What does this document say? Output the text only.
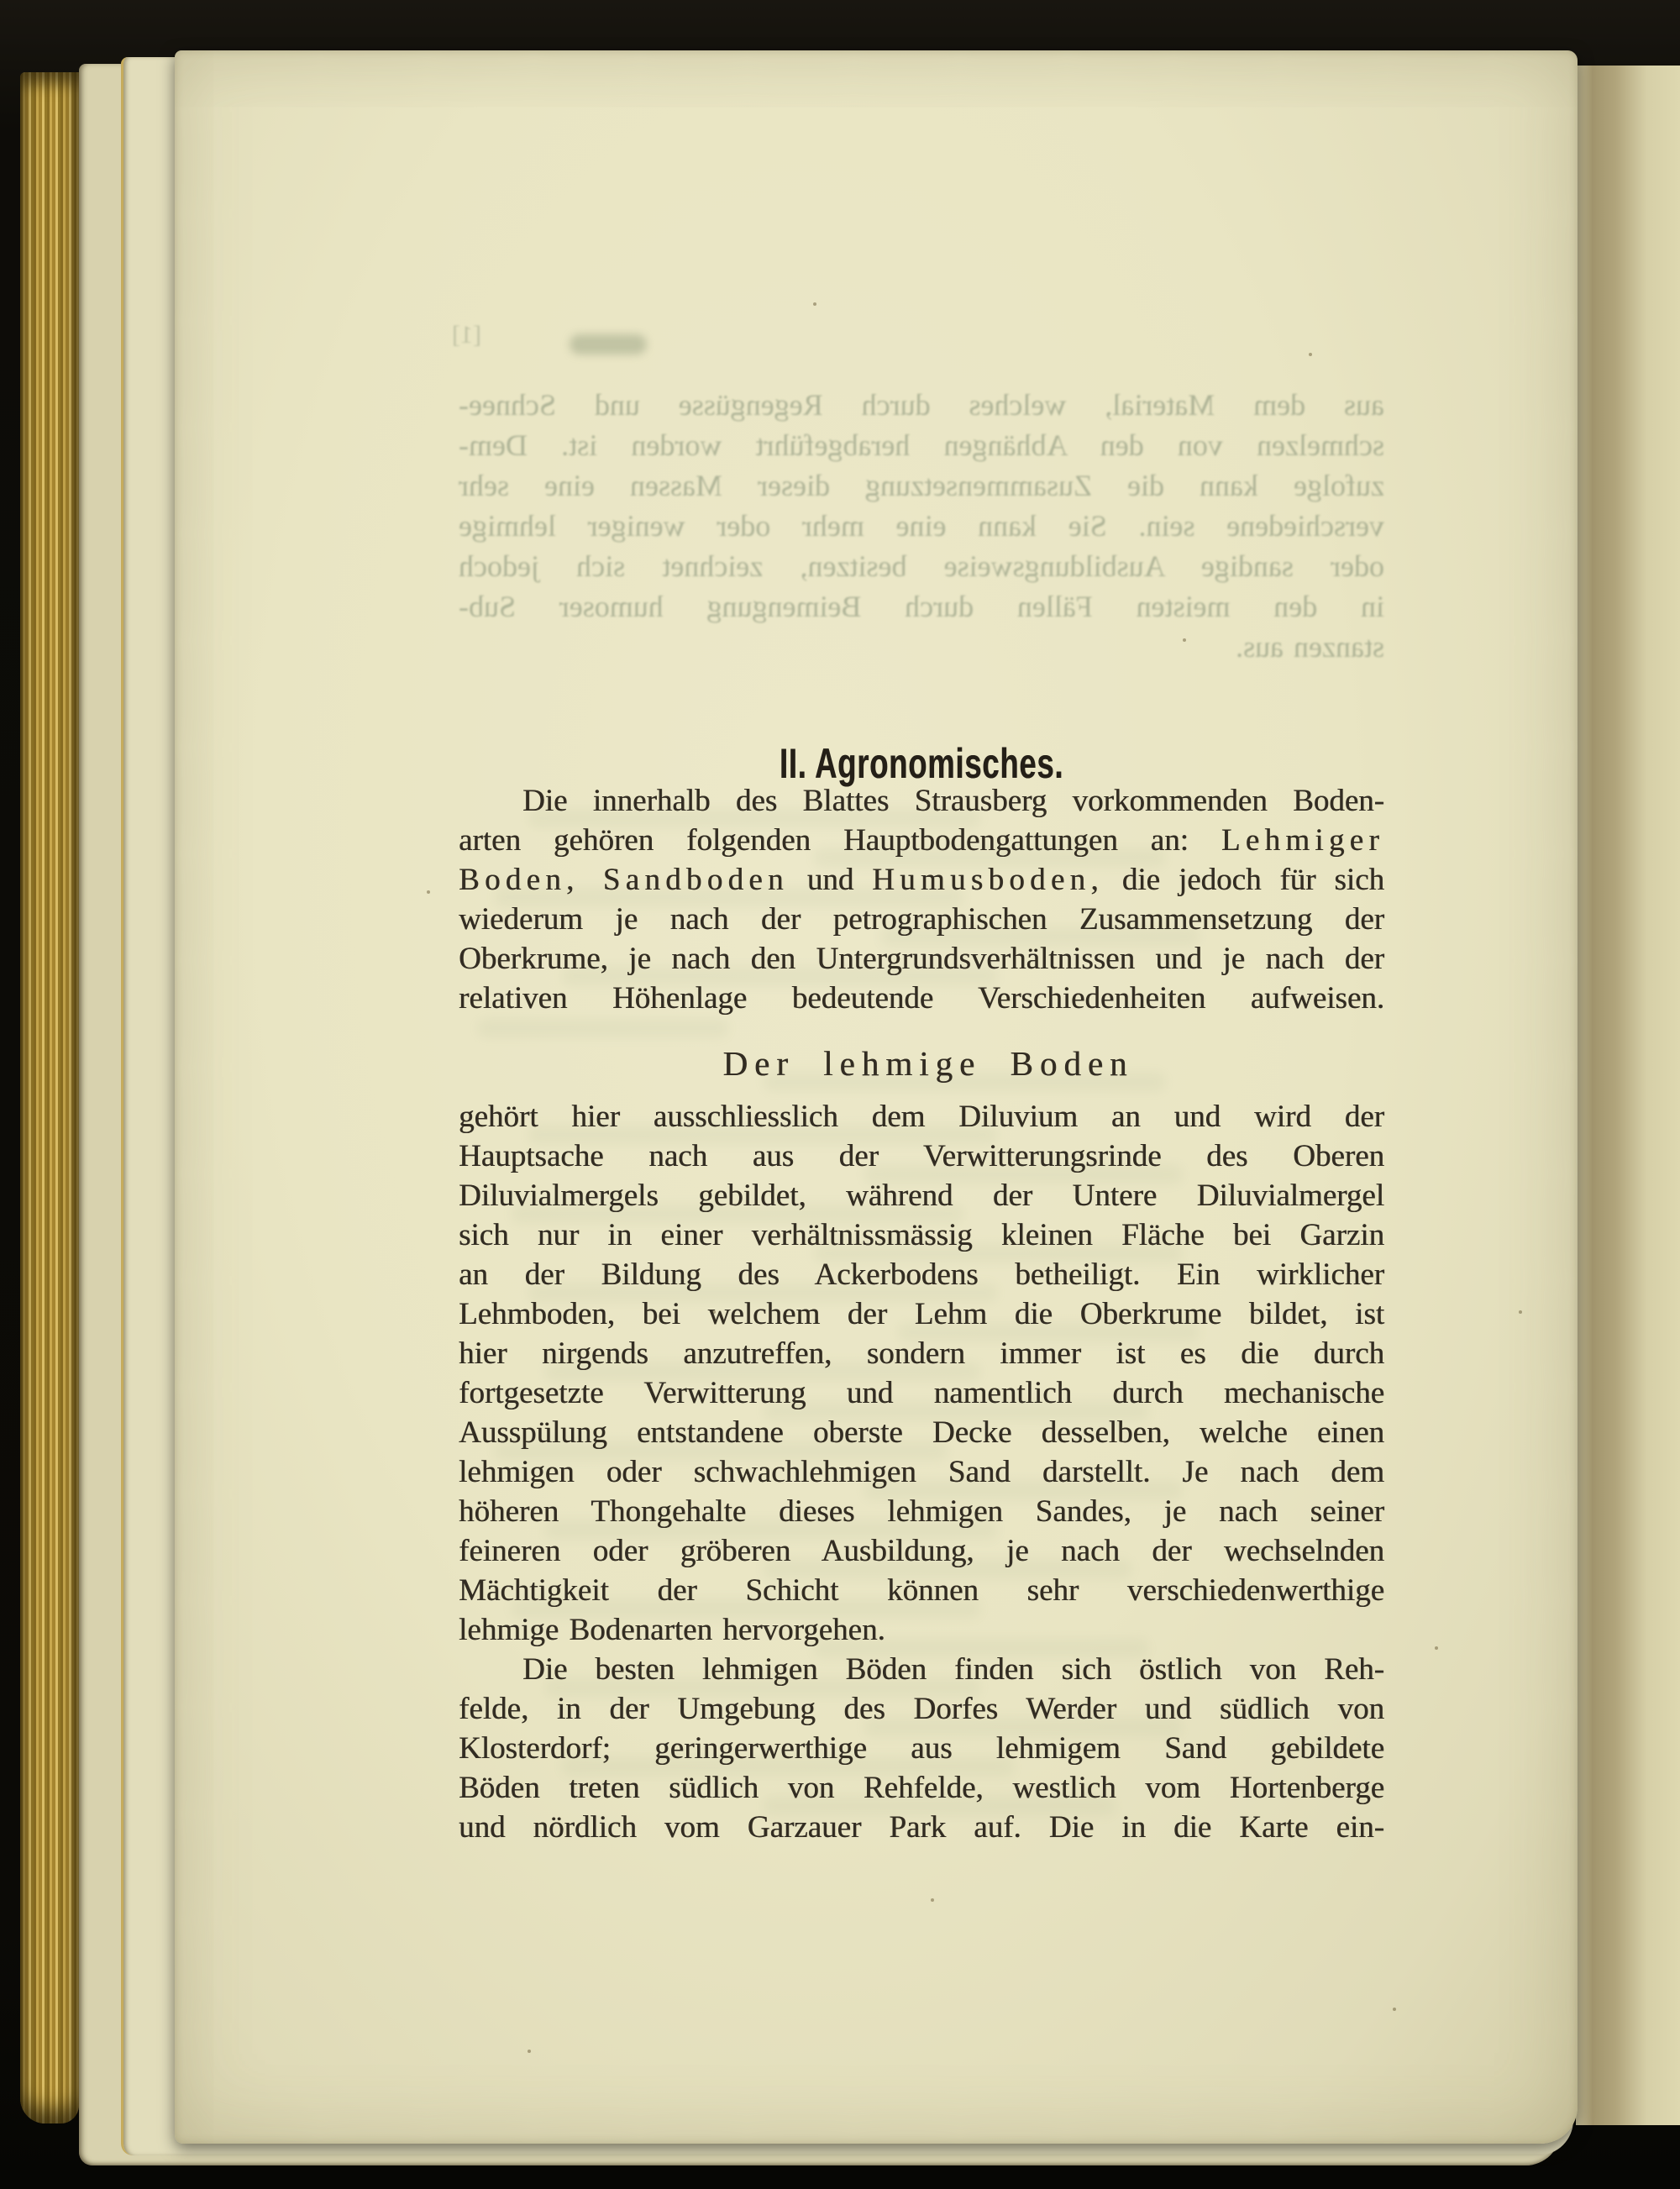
[1]
aus dem Material, welches durch Regengüsse und Schnee-
schmelzen von den Abhängen herabgeführt worden ist. Dem-
zufolge kann die Zusammensetzung dieser Massen eine sehr
verschiedene sein. Sie kann eine mehr oder weniger lehmige
oder sandige Ausbildungsweise besitzen, zeichnet sich jedoch
in den meisten Fällen durch Beimengung humoser Sub-
stanzen aus.
II. Agronomisches.
Die innerhalb des Blattes Strausberg vorkommenden Boden-
arten gehören folgenden Hauptbodengattungen an: Lehmiger
Boden, Sandboden und Humusboden, die jedoch für sich
wiederum je nach der petrographischen Zusammensetzung der
Oberkrume, je nach den Untergrundsverhältnissen und je nach der
relativen Höhenlage bedeutende Verschiedenheiten aufweisen.
Der lehmige Boden
gehört hier ausschliesslich dem Diluvium an und wird der
Hauptsache nach aus der Verwitterungsrinde des Oberen
Diluvialmergels gebildet, während der Untere Diluvialmergel
sich nur in einer verhältnissmässig kleinen Fläche bei Garzin
an der Bildung des Ackerbodens betheiligt. Ein wirklicher
Lehmboden, bei welchem der Lehm die Oberkrume bildet, ist
hier nirgends anzutreffen, sondern immer ist es die durch
fortgesetzte Verwitterung und namentlich durch mechanische
Ausspülung entstandene oberste Decke desselben, welche einen
lehmigen oder schwachlehmigen Sand darstellt. Je nach dem
höheren Thongehalte dieses lehmigen Sandes, je nach seiner
feineren oder gröberen Ausbildung, je nach der wechselnden
Mächtigkeit der Schicht können sehr verschiedenwerthige
lehmige Bodenarten hervorgehen.
Die besten lehmigen Böden finden sich östlich von Reh-
felde, in der Umgebung des Dorfes Werder und südlich von
Klosterdorf; geringerwerthige aus lehmigem Sand gebildete
Böden treten südlich von Rehfelde, westlich vom Hortenberge
und nördlich vom Garzauer Park auf. Die in die Karte ein-
